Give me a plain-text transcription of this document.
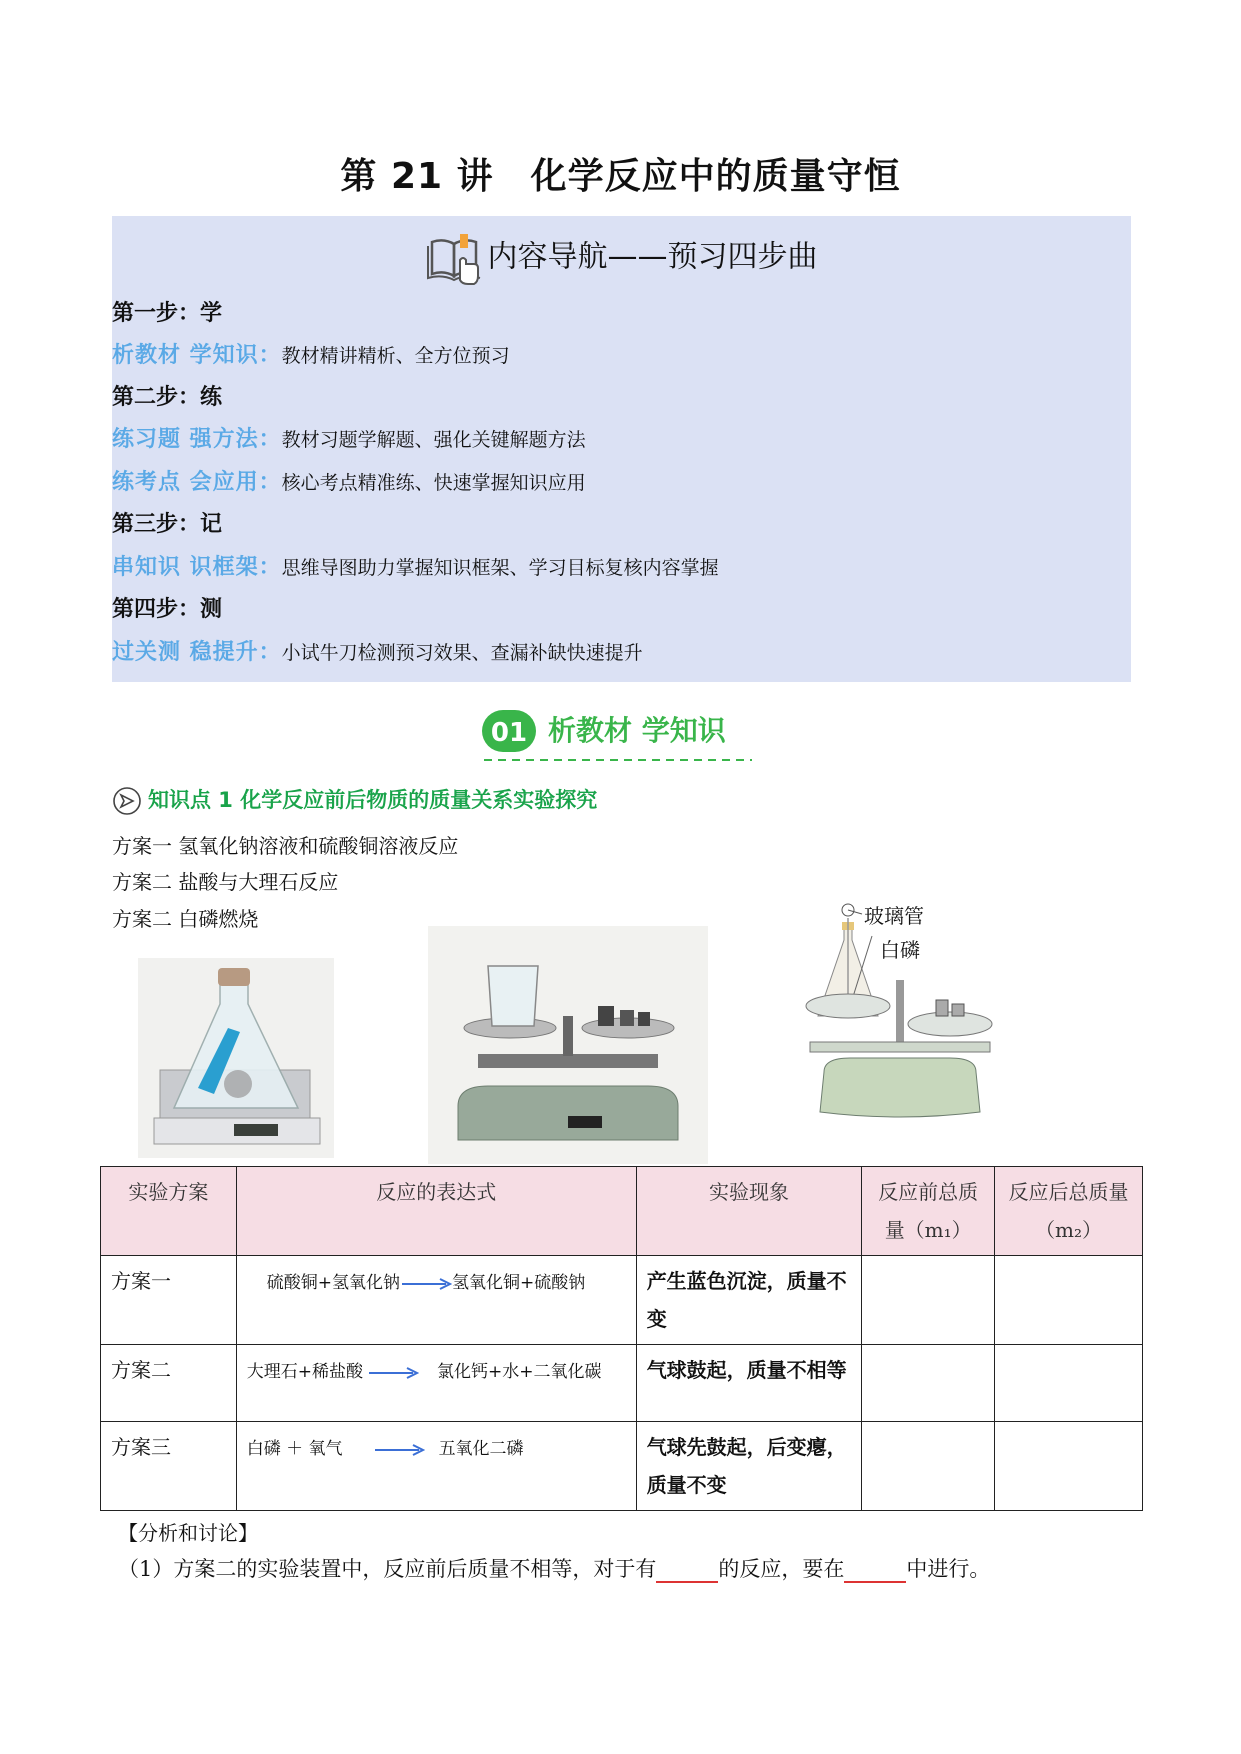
第 21 讲　化学反应中的质量守恒
内容导航——预习四步曲
第一步：学
析教材 学知识：教材精讲精析、全方位预习
第二步：练
练习题 强方法：教材习题学解题、强化关键解题方法
练考点 会应用：核心考点精准练、快速掌握知识应用
第三步：记
串知识 识框架：思维导图助力掌握知识框架、学习目标复核内容掌握
第四步：测
过关测 稳提升：小试牛刀检测预习效果、查漏补缺快速提升
01 析教材 学知识
知识点 1 化学反应前后物质的质量关系实验探究
方案一 氢氧化钠溶液和硫酸铜溶液反应
方案二 盐酸与大理石反应
方案二 白磷燃烧	玻璃管
白磷
实验方案	反应的表达式	实验现象	反应前总质量（m₁）	反应后总质量（m₂）
方案一	硫酸铜+氢氧化钠→氢氧化铜+硫酸钠	产生蓝色沉淀，质量不变		
方案二	大理石+稀盐酸 → 氯化钙+水+二氧化碳	气球鼓起，质量不相等		
方案三	白磷 ＋ 氧气 → 五氧化二磷	气球先鼓起，后变瘪，质量不变		
【分析和讨论】
（1）方案二的实验装置中，反应前后质量不相等，对于有	的反应，要在	中进行。
